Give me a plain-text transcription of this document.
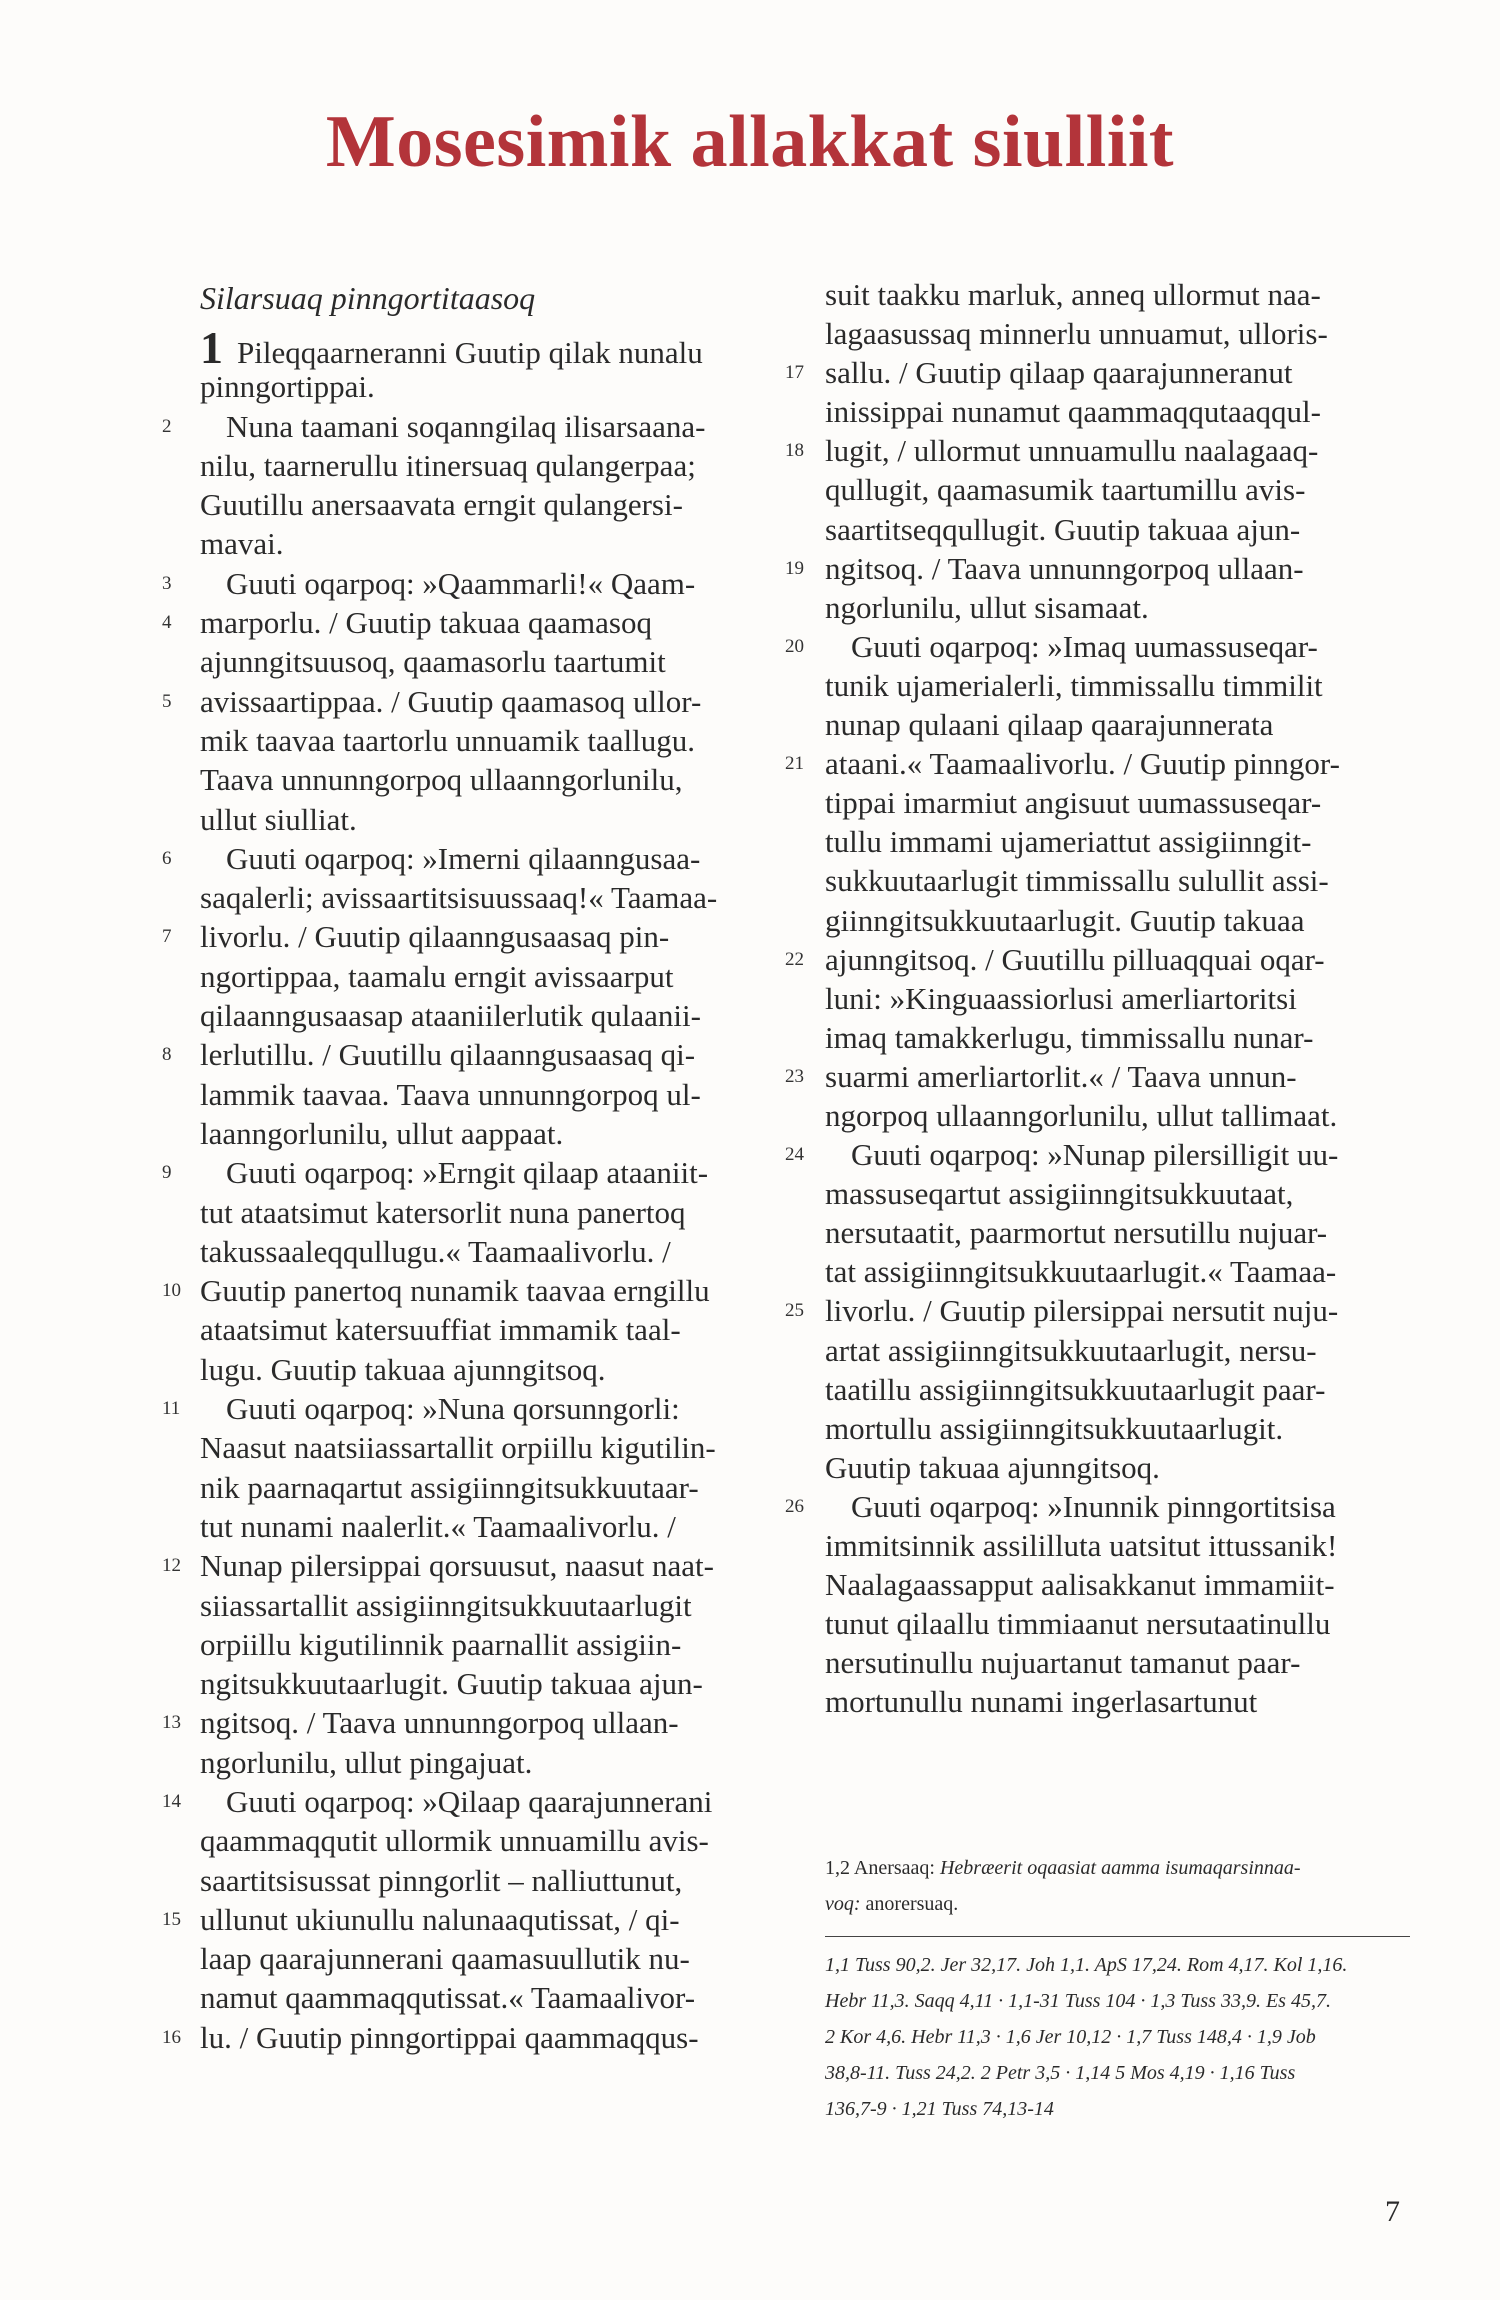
Mosesimik allakkat siulliit
Silarsuaq pinngortitaasoq
1 Pileqqaarneranni Guutip qilak nunalu
pinngortippai.
2 Nuna taamani soqanngilaq ilisarsaana-
nilu, taarnerullu itinersuaq qulangerpaa;
Guutillu anersaavata erngit qulangersi-
mavai.
3 Guuti oqarpoq: »Qaammarli!« Qaam-
4 marporlu. / Guutip takuaa qaamasoq
ajunngitsuusoq, qaamasorlu taartumit
5 avissaartippaa. / Guutip qaamasoq ullor-
mik taavaa taartorlu unnuamik taallugu.
Taava unnunngorpoq ullaanngorlunilu,
ullut siulliat.
6 Guuti oqarpoq: »Imerni qilaanngusaa-
saqalerli; avissaartitsisuussaaq!« Taamaa-
7 livorlu. / Guutip qilaanngusaasaq pin-
ngortippaa, taamalu erngit avissaarput
qilaanngusaasap ataaniilerlutik qulaanii-
8 lerlutillu. / Guutillu qilaanngusaasaq qi-
lammik taavaa. Taava unnunngorpoq ul-
laanngorlunilu, ullut aappaat.
9 Guuti oqarpoq: »Erngit qilaap ataaniit-
tut ataatsimut katersorlit nuna panertoq
takussaaleqqullugu.« Taamaalivorlu. /
10 Guutip panertoq nunamik taavaa erngillu
ataatsimut katersuuffiat immamik taal-
lugu. Guutip takuaa ajunngitsoq.
11 Guuti oqarpoq: »Nuna qorsunngorli:
Naasut naatsiiassartallit orpiillu kigutilin-
nik paarnaqartut assigiinngitsukkuutaar-
tut nunami naalerlit.« Taamaalivorlu. /
12 Nunap pilersippai qorsuusut, naasut naat-
siiassartallit assigiinngitsukkuutaarlugit
orpiillu kigutilinnik paarnallit assigiin-
ngitsukkuutaarlugit. Guutip takuaa ajun-
13 ngitsoq. / Taava unnunngorpoq ullaan-
ngorlunilu, ullut pingajuat.
14 Guuti oqarpoq: »Qilaap qaarajunnerani
qaammaqqutit ullormik unnuamillu avis-
saartitsisussat pinngorlit – nalliuttunut,
15 ullunut ukiunullu nalunaaqutissat, / qi-
laap qaarajunnerani qaamasuullutik nu-
namut qaammaqqutissat.« Taamaalivor-
16 lu. / Guutip pinngortippai qaammaqqus-
suit taakku marluk, anneq ullormut naa-
lagaasussaq minnerlu unnuamut, ulloris-
17 sallu. / Guutip qilaap qaarajunneranut
inissippai nunamut qaammaqqutaaqqul-
18 lugit, / ullormut unnuamullu naalagaaq-
qullugit, qaamasumik taartumillu avis-
saartitseqqullugit. Guutip takuaa ajun-
19 ngitsoq. / Taava unnunngorpoq ullaan-
ngorlunilu, ullut sisamaat.
20 Guuti oqarpoq: »Imaq uumassuseqar-
tunik ujamerialerli, timmissallu timmilit
nunap qulaani qilaap qaarajunnerata
21 ataani.« Taamaalivorlu. / Guutip pinngor-
tippai imarmiut angisuut uumassuseqar-
tullu immami ujameriattut assigiinngit-
sukkuutaarlugit timmissallu sulullit assi-
giinngitsukkuutaarlugit. Guutip takuaa
22 ajunngitsoq. / Guutillu pilluaqquai oqar-
luni: »Kinguaassiorlusi amerliartoritsi
imaq tamakkerlugu, timmissallu nunar-
23 suarmi amerliartorlit.« / Taava unnun-
ngorpoq ullaanngorlunilu, ullut tallimaat.
24 Guuti oqarpoq: »Nunap pilersilligit uu-
massuseqartut assigiinngitsukkuutaat,
nersutaatit, paarmortut nersutillu nujuar-
tat assigiinngitsukkuutaarlugit.« Taamaa-
25 livorlu. / Guutip pilersippai nersutit nuju-
artat assigiinngitsukkuutaarlugit, nersu-
taatillu assigiinngitsukkuutaarlugit paar-
mortullu assigiinngitsukkuutaarlugit.
Guutip takuaa ajunngitsoq.
26 Guuti oqarpoq: »Inunnik pinngortitsisa
immitsinnik assililluta uatsitut ittussanik!
Naalagaassapput aalisakkanut immamiit-
tunut qilaallu timmiaanut nersutaatinullu
nersutinullu nujuartanut tamanut paar-
mortunullu nunami ingerlasartunut
1,2 Anersaaq: Hebræerit oqaasiat aamma isumaqarsinnaa-
voq: anorersuaq.
1,1 Tuss 90,2. Jer 32,17. Joh 1,1. ApS 17,24. Rom 4,17. Kol 1,16.
Hebr 11,3. Saqq 4,11 · 1,1-31 Tuss 104 · 1,3 Tuss 33,9. Es 45,7.
2 Kor 4,6. Hebr 11,3 · 1,6 Jer 10,12 · 1,7 Tuss 148,4 · 1,9 Job
38,8-11. Tuss 24,2. 2 Petr 3,5 · 1,14 5 Mos 4,19 · 1,16 Tuss
136,7-9 · 1,21 Tuss 74,13-14
7
